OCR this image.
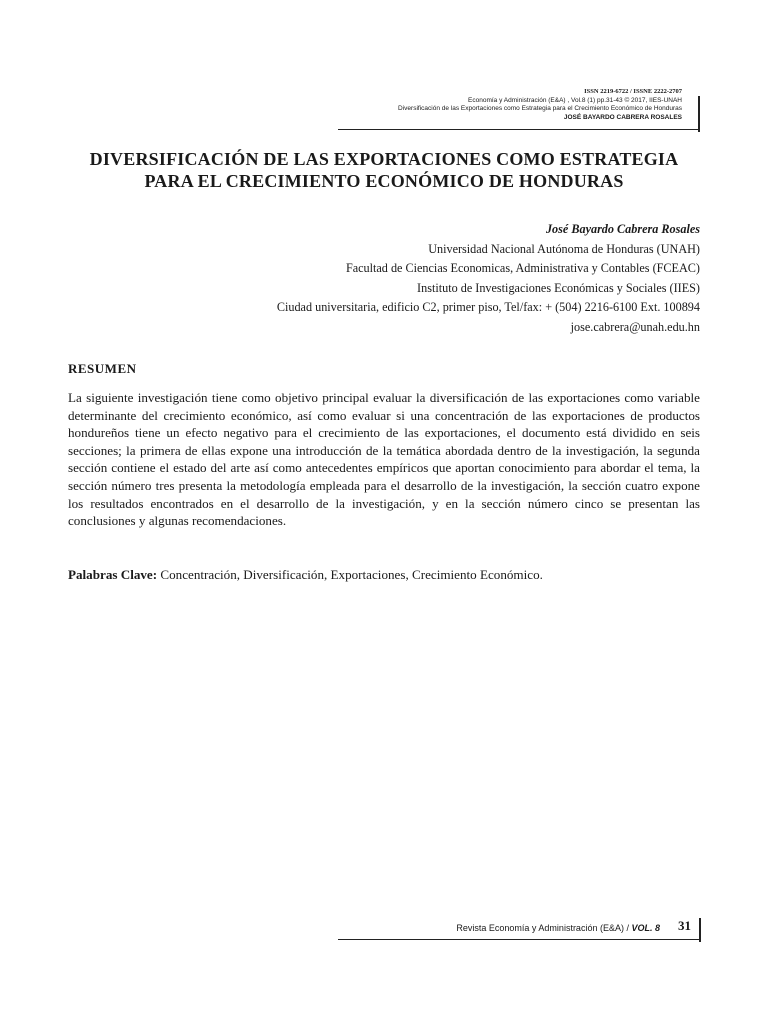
ISSN 2219-6722 / ISSNE 2222-2707
Economía y Administración (E&A) , Vol.8 (1) pp.31-43 © 2017, IIES-UNAH
Diversificación de las Exportaciones como Estrategia para el Crecimiento Económico de Honduras
JOSÉ BAYARDO CABRERA ROSALES
DIVERSIFICACIÓN DE LAS EXPORTACIONES COMO ESTRATEGIA
PARA EL CRECIMIENTO ECONÓMICO DE HONDURAS
José Bayardo Cabrera Rosales
Universidad Nacional Autónoma de Honduras (UNAH)
Facultad de Ciencias Economicas, Administrativa y Contables (FCEAC)
Instituto de Investigaciones Económicas y Sociales (IIES)
Ciudad universitaria, edificio C2, primer piso, Tel/fax: + (504) 2216-6100 Ext. 100894
jose.cabrera@unah.edu.hn
RESUMEN

La siguiente investigación tiene como objetivo principal evaluar la diversificación de las exportaciones como variable determinante del crecimiento económico, así como evaluar si una concentración de las exportaciones de productos hondureños tiene un efecto negativo para el crecimiento de las exportaciones, el documento está dividido en seis secciones; la primera de ellas expone una introducción de la temática abordada dentro de la investigación, la segunda sección contiene el estado del arte así como antecedentes empíricos que aportan conocimiento para abordar el tema, la sección número tres presenta la metodología empleada para el desarrollo de la investigación, la sección cuatro expone los resultados encontrados en el desarrollo de la investigación, y en la sección número cinco se presentan las conclusiones y algunas recomendaciones.

Palabras Clave: Concentración, Diversificación, Exportaciones, Crecimiento Económico.

Revista Economía y Administración (E&A) / VOL. 8 31
